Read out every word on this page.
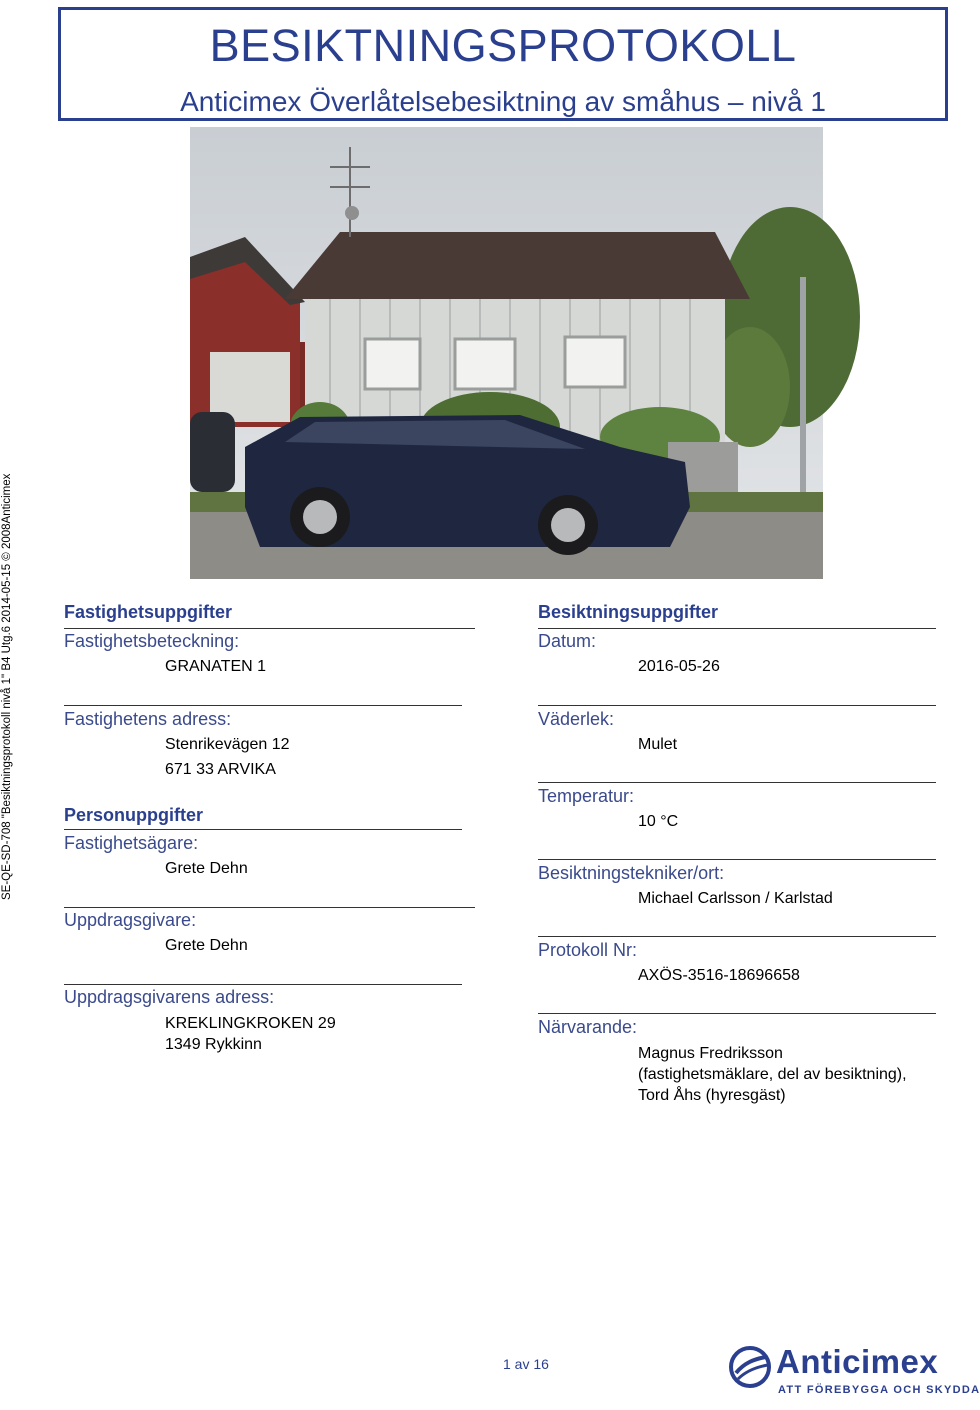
BESIKTNINGSPROTOKOLL
Anticimex Överlåtelsebesiktning av småhus – nivå 1
SE-QE-SD-708 "Besiktningsprotokoll nivå 1" B4 Utg.6 2014-05-15 © 2008Anticimex	Fastighetsuppgifter
Fastighetsbeteckning:
GRANATEN 1
Fastighetens adress:
Stenrikevägen 12
671 33 ARVIKA
Personuppgifter
Fastighetsägare:
Grete Dehn
Uppdragsgivare:
Grete Dehn
Uppdragsgivarens adress:
KREKLINGKROKEN 29
1349 Rykkinn
Besiktningsuppgifter
Datum:
2016-05-26
Väderlek:
Mulet
Temperatur:
10 °C
Besiktningstekniker/ort:
Michael Carlsson / Karlstad
Protokoll Nr:
AXÖS-3516-18696658
Närvarande:
Magnus Fredriksson
(fastighetsmäklare, del av besiktning),
Tord Åhs (hyresgäst)
1 av 16	Anticimex
ATT FÖREBYGGA OCH SKYDDA
